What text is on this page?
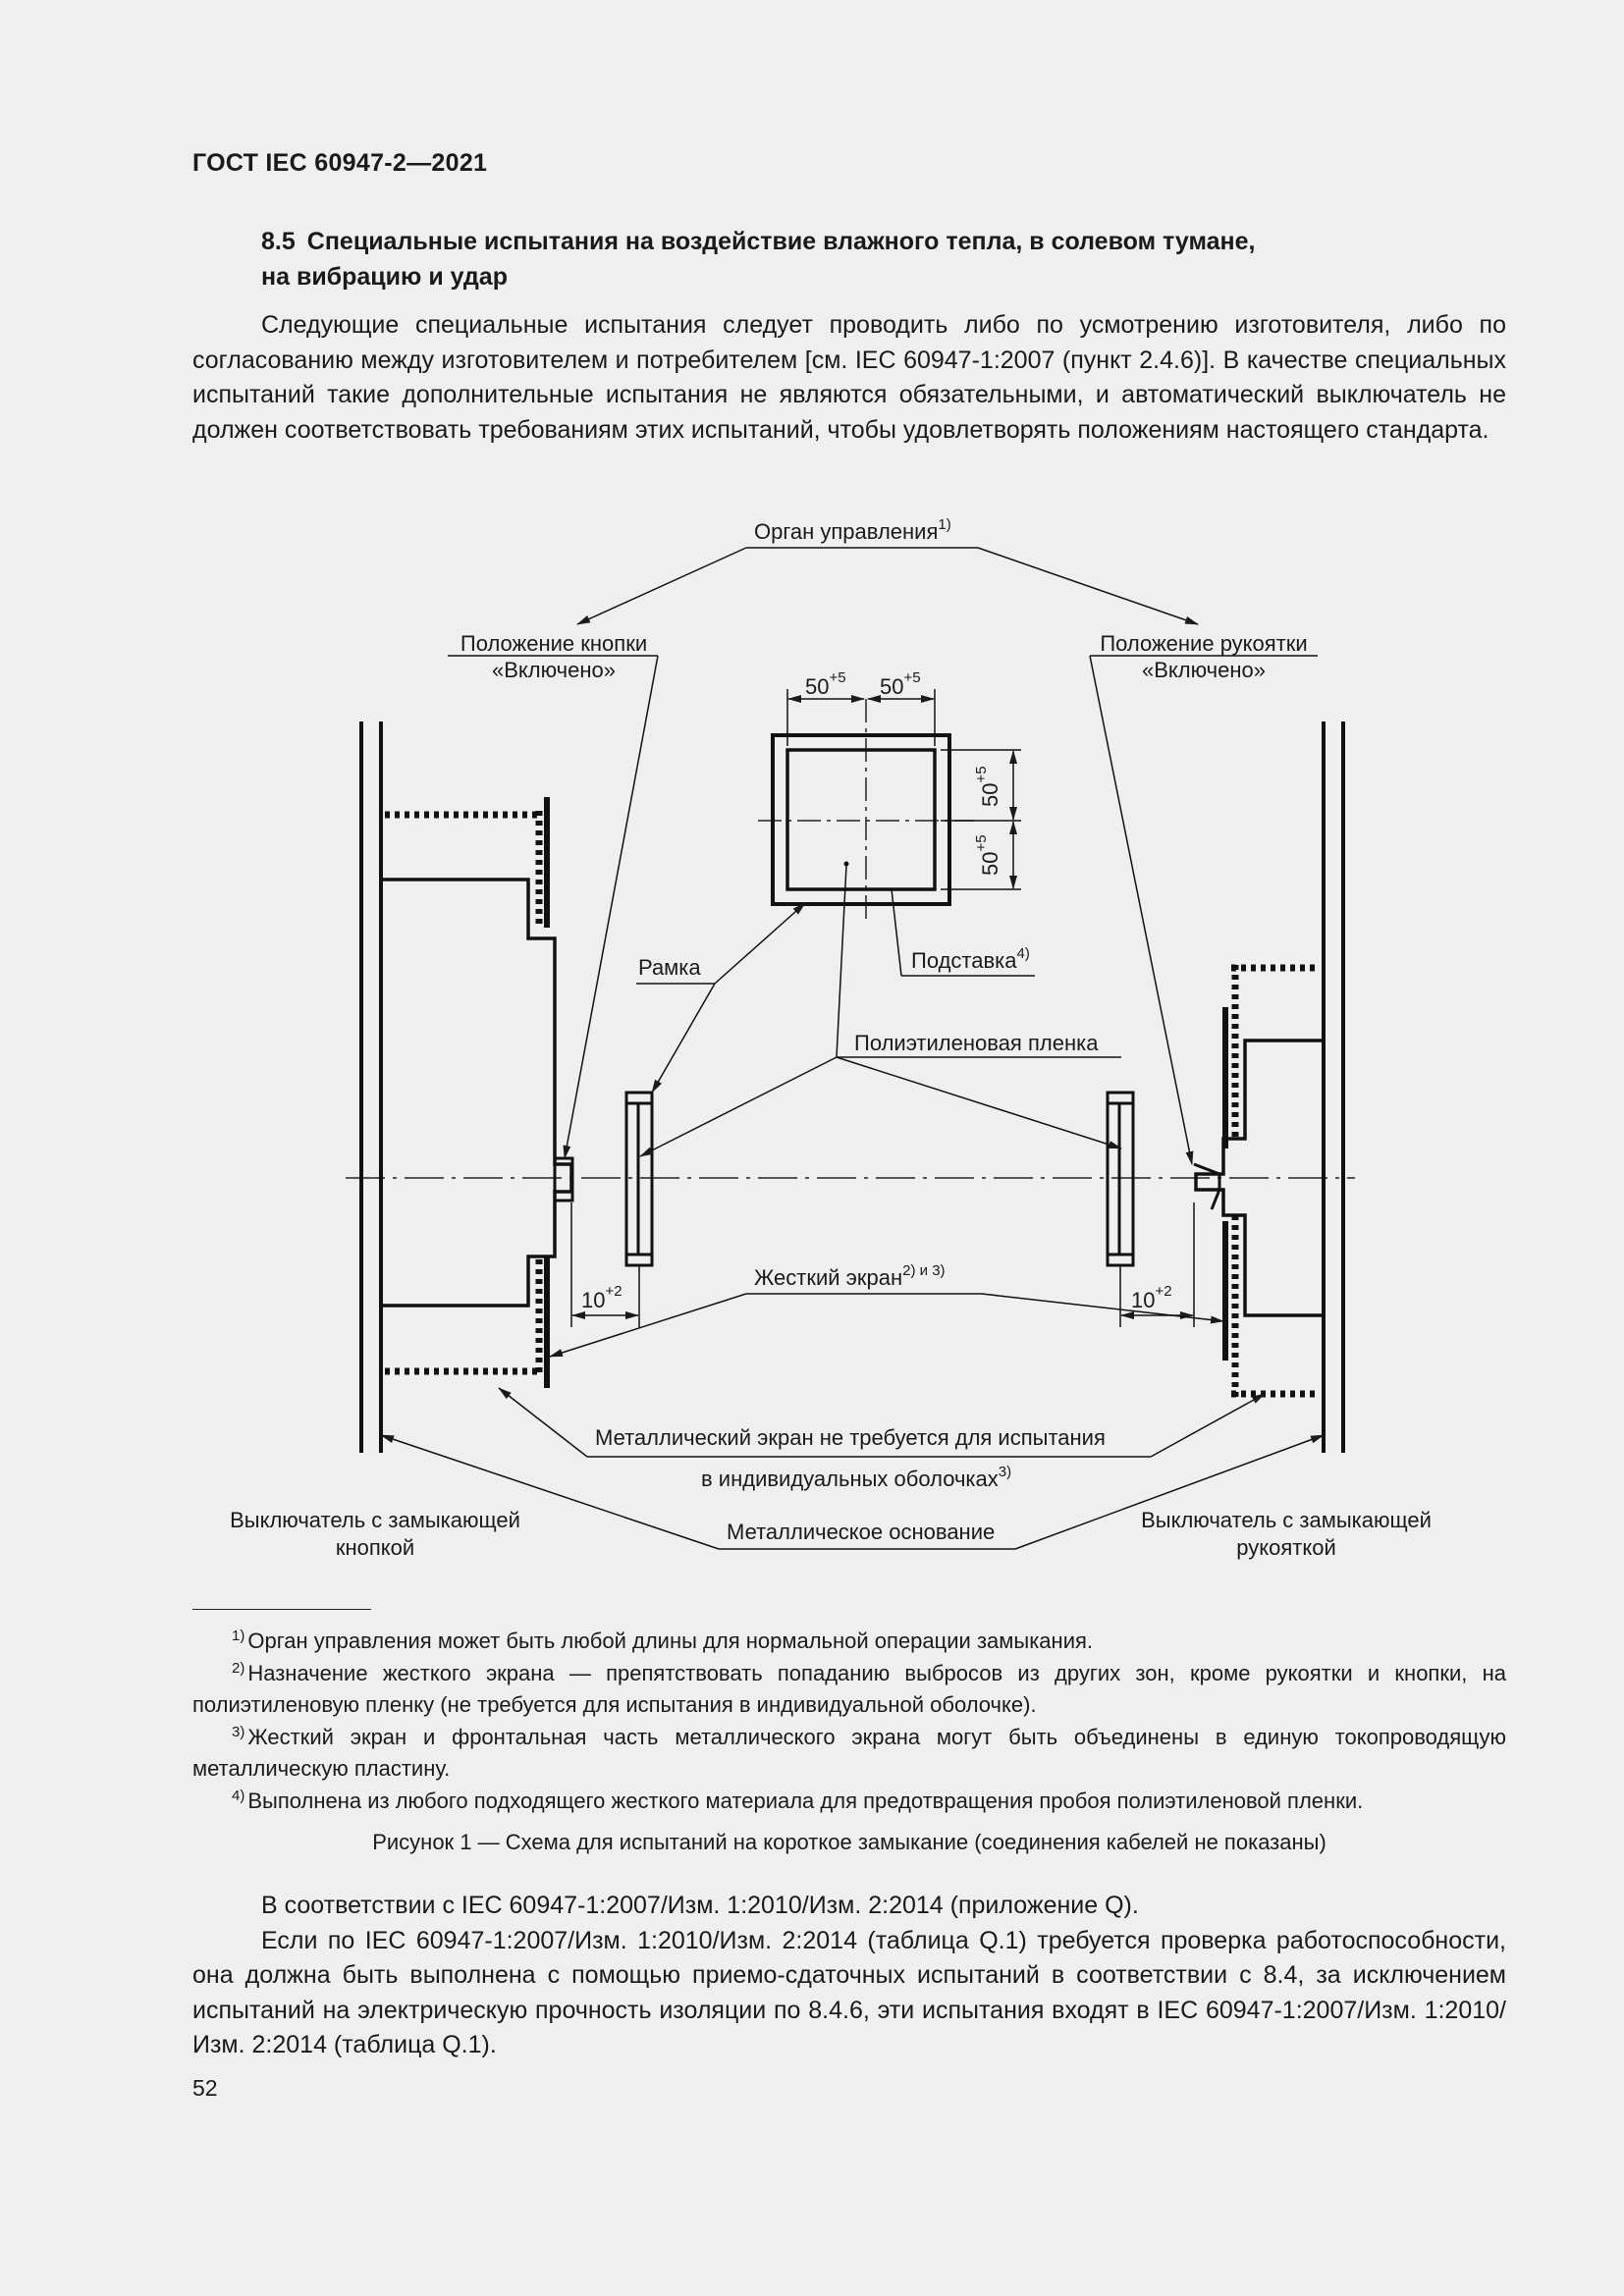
ГОСТ IEC 60947-2—2021
8.5 Специальные испытания на воздействие влажного тепла, в солевом тумане,
на вибрацию и удар

Следующие специальные испытания следует проводить либо по усмотрению изготовителя, либо по согласованию между изготовителем и потребителем [см. IEC 60947-1:2007 (пункт 2.4.6)]. В качестве специальных испытаний такие дополнительные испытания не являются обязательными, и автоматический выключатель не должен соответствовать требованиям этих испытаний, чтобы удовлетворять положениям настоящего стандарта.

$50^{+5}$ $50^{+5}$
$50^{+5}$
$50^{+5}$
$10^{+2}$	$10^{+2}$
Орган управления$^{1)}$
Положение кнопки
«Включено»
Положение рукоятки
«Включено»
Рамка	Подставка$^{4)}$
Полиэтиленовая пленка
Жесткий экран$^{2) и 3)}$
Металлический экран не требуется для испытания
в индивидуальных оболочках$^{3)}$
Металлическое основание
Выключатель с замыкающей
кнопкой
Выключатель с замыкающей
рукояткой

$^{1)}$ Орган управления может быть любой длины для нормальной операции замыкания.

$^{2)}$ Назначение жесткого экрана — препятствовать попаданию выбросов из других зон, кроме рукоятки и кнопки, на полиэтиленовую пленку (не требуется для испытания в индивидуальной оболочке).

$^{3)}$ Жесткий экран и фронтальная часть металлического экрана могут быть объединены в единую токопроводящую металлическую пластину.

$^{4)}$ Выполнена из любого подходящего жесткого материала для предотвращения пробоя полиэтиленовой пленки.

Рисунок 1 — Схема для испытаний на короткое замыкание (соединения кабелей не показаны)

В соответствии с IEC 60947-1:2007/Изм. 1:2010/Изм. 2:2014 (приложение Q).

Если по IEC 60947-1:2007/Изм. 1:2010/Изм. 2:2014 (таблица Q.1) требуется проверка работоспособности, она должна быть выполнена с помощью приемо-сдаточных испытаний в соответствии с 8.4, за исключением испытаний на электрическую прочность изоляции по 8.4.6, эти испытания входят в IEC 60947-1:2007/Изм. 1:2010/Изм. 2:2014 (таблица Q.1).

52
